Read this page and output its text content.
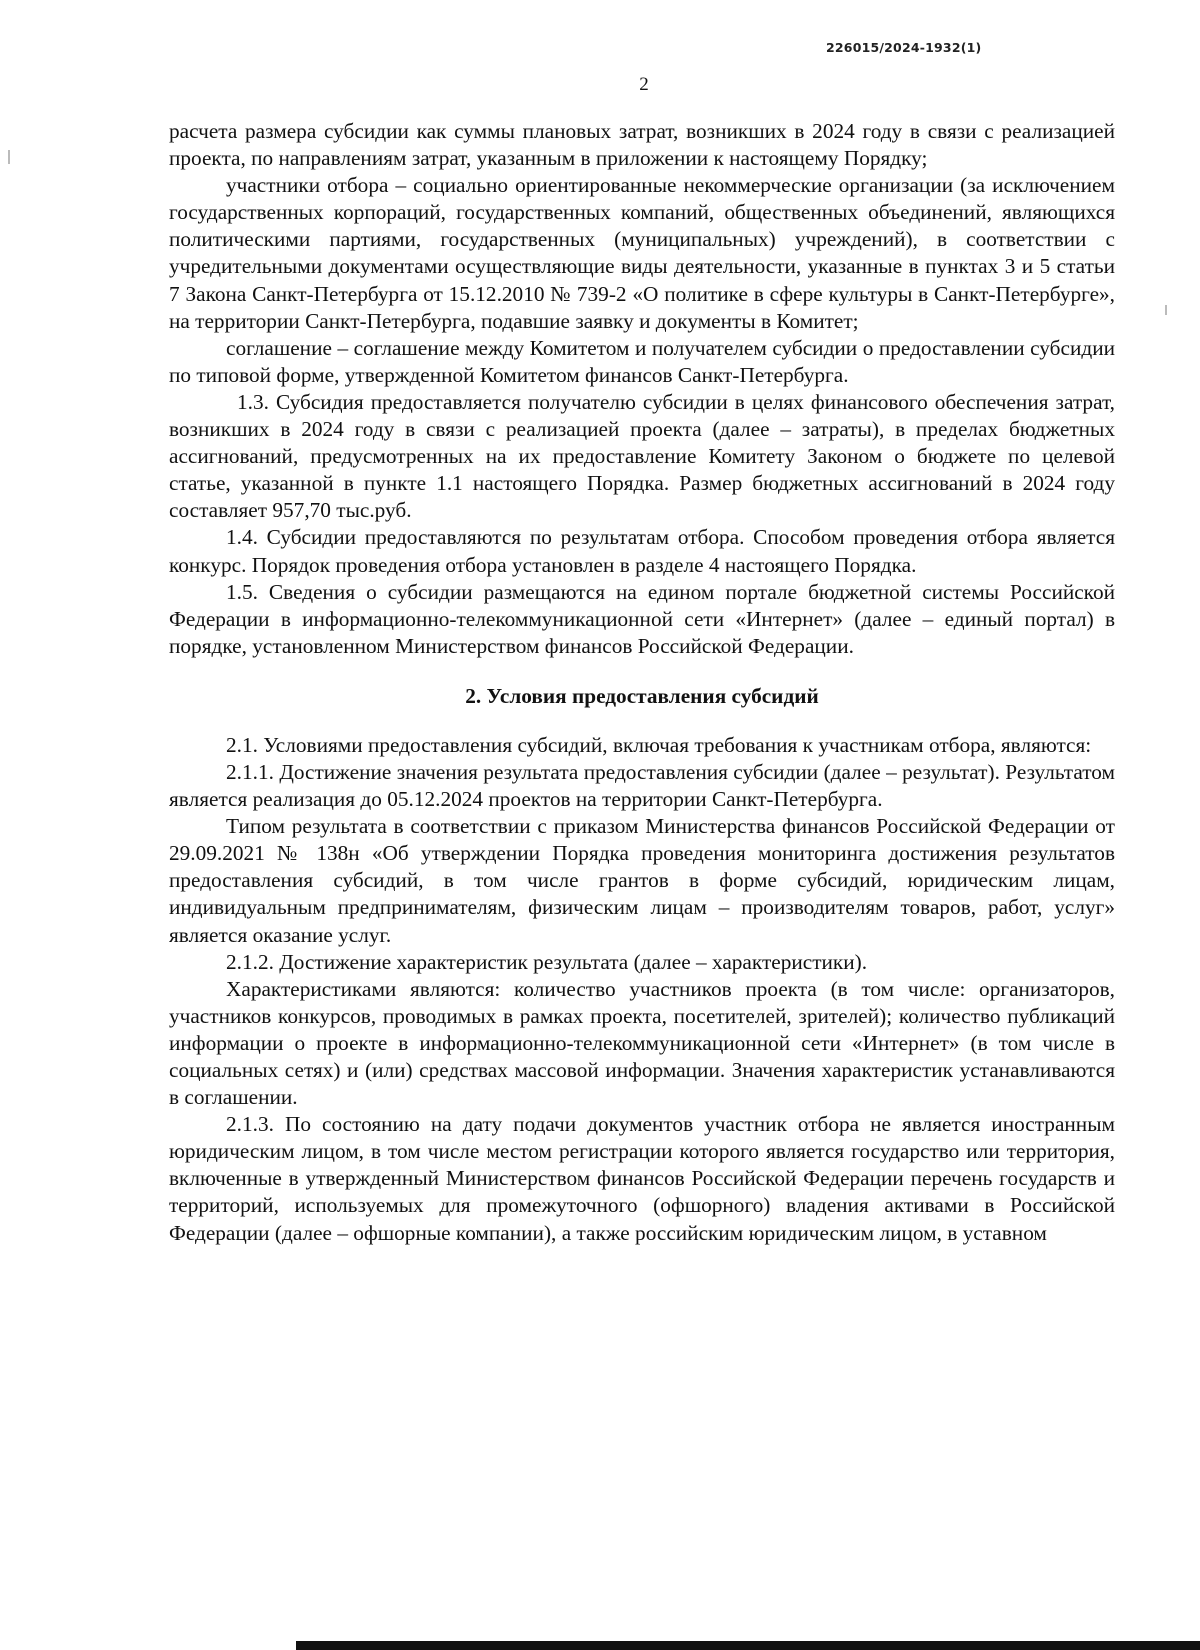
226015/2024-1932(1)
2

расчета размера субсидии как суммы плановых затрат, возникших в 2024 году в связи с реализацией проекта, по направлениям затрат, указанным в приложении к настоящему Порядку;

участники отбора – социально ориентированные некоммерческие организации (за исключением государственных корпораций, государственных компаний, общественных объединений, являющихся политическими партиями, государственных (муниципальных) учреждений), в соответствии с учредительными документами осуществляющие виды деятельности, указанные в пунктах 3 и 5 статьи 7 Закона Санкт-Петербурга от 15.12.2010 № 739-2 «О политике в сфере культуры в Санкт-Петербурге», на территории Санкт-Петербурга, подавшие заявку и документы в Комитет;

соглашение – соглашение между Комитетом и получателем субсидии о предоставлении субсидии по типовой форме, утвержденной Комитетом финансов Санкт-Петербурга.

1.3. Субсидия предоставляется получателю субсидии в целях финансового обеспечения затрат, возникших в 2024 году в связи с реализацией проекта (далее – затраты), в пределах бюджетных ассигнований, предусмотренных на их предоставление Комитету Законом о бюджете по целевой статье, указанной в пункте 1.1 настоящего Порядка. Размер бюджетных ассигнований в 2024 году составляет 957,70 тыс.руб.

1.4. Субсидии предоставляются по результатам отбора. Способом проведения отбора является конкурс. Порядок проведения отбора установлен в разделе 4 настоящего Порядка.

1.5. Сведения о субсидии размещаются на едином портале бюджетной системы Российской Федерации в информационно-телекоммуникационной сети «Интернет» (далее – единый портал) в порядке, установленном Министерством финансов Российской Федерации.

2. Условия предоставления субсидий

2.1. Условиями предоставления субсидий, включая требования к участникам отбора, являются:

2.1.1. Достижение значения результата предоставления субсидии (далее – результат). Результатом является реализация до 05.12.2024 проектов на территории Санкт-Петербурга.

Типом результата в соответствии с приказом Министерства финансов Российской Федерации от 29.09.2021 № 138н «Об утверждении Порядка проведения мониторинга достижения результатов предоставления субсидий, в том числе грантов в форме субсидий, юридическим лицам, индивидуальным предпринимателям, физическим лицам – производителям товаров, работ, услуг» является оказание услуг.

2.1.2. Достижение характеристик результата (далее – характеристики).

Характеристиками являются: количество участников проекта (в том числе: организаторов, участников конкурсов, проводимых в рамках проекта, посетителей, зрителей); количество публикаций информации о проекте в информационно-телекоммуникационной сети «Интернет» (в том числе в социальных сетях) и (или) средствах массовой информации. Значения характеристик устанавливаются в соглашении.

2.1.3. По состоянию на дату подачи документов участник отбора не является иностранным юридическим лицом, в том числе местом регистрации которого является государство или территория, включенные в утвержденный Министерством финансов Российской Федерации перечень государств и территорий, используемых для промежуточного (офшорного) владения активами в Российской Федерации (далее – офшорные компании), а также российским юридическим лицом, в уставном
